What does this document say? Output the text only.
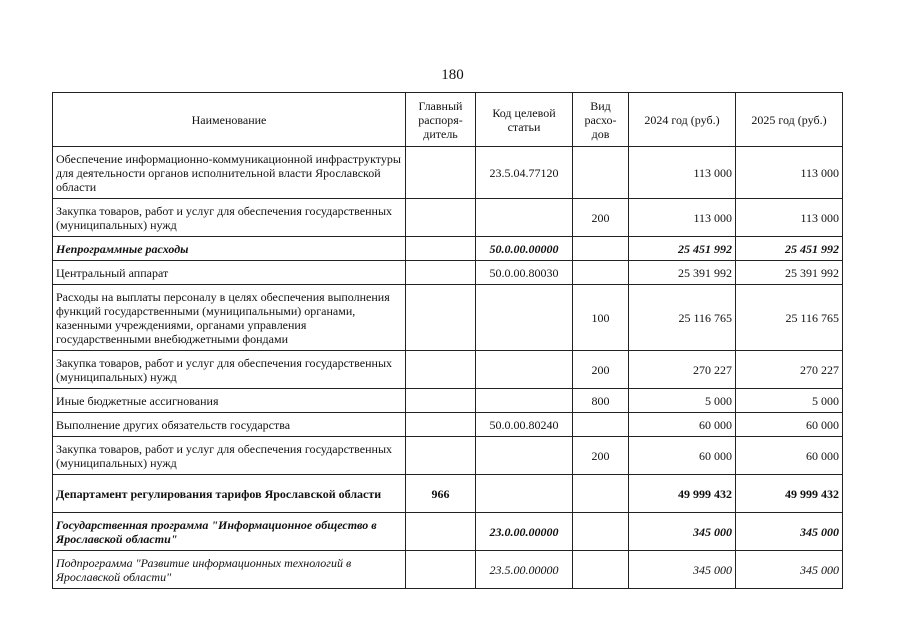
180
Наименование	Главный распоря-дитель	Код целевой статьи	Вид расхо-дов	2024 год (руб.)	2025 год (руб.)
Обеспечение информационно-коммуникационной инфраструктуры для деятельности органов исполнительной власти Ярославской области		23.5.04.77120		113 000	113 000
Закупка товаров, работ и услуг для обеспечения государственных (муниципальных) нужд			200	113 000	113 000
Непрограммные расходы		50.0.00.00000		25 451 992	25 451 992
Центральный аппарат		50.0.00.80030		25 391 992	25 391 992
Расходы на выплаты персоналу в целях обеспечения выполнения функций государственными (муниципальными) органами, казенными учреждениями, органами управления государственными внебюджетными фондами			100	25 116 765	25 116 765
Закупка товаров, работ и услуг для обеспечения государственных (муниципальных) нужд			200	270 227	270 227
Иные бюджетные ассигнования			800	5 000	5 000
Выполнение других обязательств государства		50.0.00.80240		60 000	60 000
Закупка товаров, работ и услуг для обеспечения государственных (муниципальных) нужд			200	60 000	60 000
Департамент регулирования тарифов Ярославской области	966			49 999 432	49 999 432
Государственная программа "Информационное общество в Ярославской области"		23.0.00.00000		345 000	345 000
Подпрограмма "Развитие информационных технологий в Ярославской области"		23.5.00.00000		345 000	345 000
